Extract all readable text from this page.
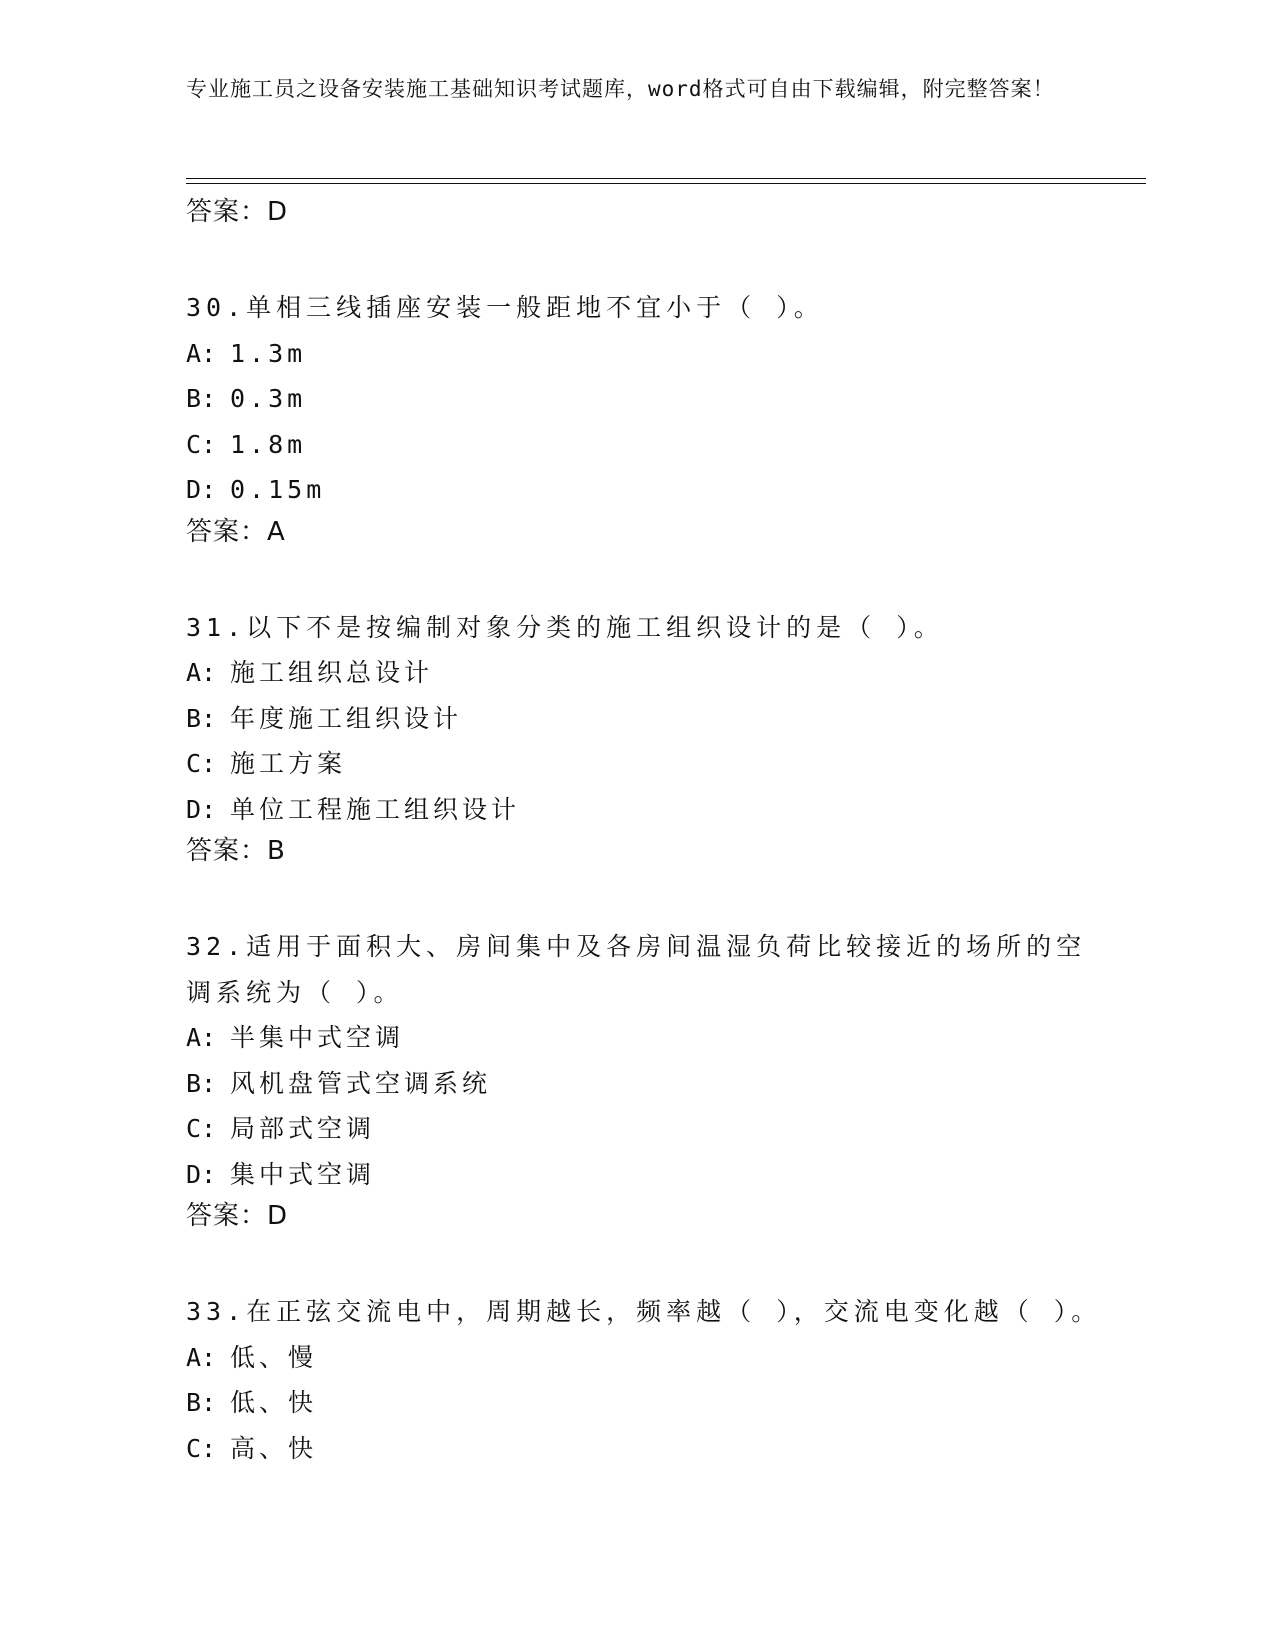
专业施工员之设备安装施工基础知识考试题库，word格式可自由下载编辑，附完整答案！
答案：D
30.单相三线插座安装一般距地不宜小于（ ）。
A: 1.3m
B: 0.3m
C: 1.8m
D: 0.15m
答案：A
31.以下不是按编制对象分类的施工组织设计的是（ ）。
A: 施工组织总设计
B: 年度施工组织设计
C: 施工方案
D: 单位工程施工组织设计
答案：B
32.适用于面积大、房间集中及各房间温湿负荷比较接近的场所的空调系统为（ ）。
A: 半集中式空调
B: 风机盘管式空调系统
C: 局部式空调
D: 集中式空调
答案：D
33.在正弦交流电中，周期越长，频率越（ ），交流电变化越（ ）。
A: 低、慢
B: 低、快
C: 高、快
